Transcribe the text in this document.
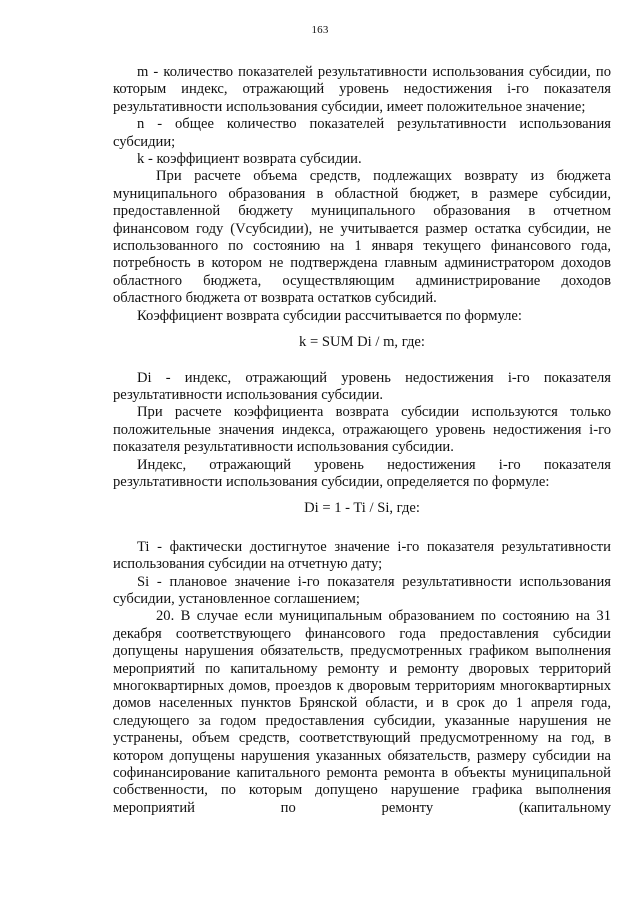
163

m - количество показателей результативности использования субсидии, по которым индекс, отражающий уровень недостижения i-го показателя результативности использования субсидии, имеет положительное значение;

n - общее количество показателей результативности использования субсидии;

k - коэффициент возврата субсидии.

При расчете объема средств, подлежащих возврату из бюджета муниципального образования в областной бюджет, в размере субсидии, предоставленной бюджету муниципального образования в отчетном финансовом году (Vсубсидии), не учитывается размер остатка субсидии, не использованного по состоянию на 1 января текущего финансового года, потребность в котором не подтверждена главным администратором доходов областного бюджета, осуществляющим администрирование доходов областного бюджета от возврата остатков субсидий.

Коэффициент возврата субсидии рассчитывается по формуле:

k = SUM Di / m, где:

Di - индекс, отражающий уровень недостижения i-го показателя результативности использования субсидии.

При расчете коэффициента возврата субсидии используются только положительные значения индекса, отражающего уровень недостижения i-го показателя результативности использования субсидии.

Индекс, отражающий уровень недостижения i-го показателя результативности использования субсидии, определяется по формуле:

Di = 1 - Ti / Si, где:

Ti - фактически достигнутое значение i-го показателя результативности использования субсидии на отчетную дату;

Si - плановое значение i-го показателя результативности использования субсидии, установленное соглашением;

20. В случае если муниципальным образованием по состоянию на 31 декабря соответствующего финансового года предоставления субсидии допущены нарушения обязательств, предусмотренных графиком выполнения мероприятий по капитальному ремонту и ремонту дворовых территорий многоквартирных домов, проездов к дворовым территориям многоквартирных домов населенных пунктов Брянской области, и в срок до 1 апреля года, следующего за годом предоставления субсидии, указанные нарушения не устранены, объем средств, соответствующий предусмотренному на год, в котором допущены нарушения указанных обязательств, размеру субсидии на софинансирование капитального ремонта ремонта в объекты муниципальной собственности, по которым допущено нарушение графика выполнения мероприятий по ремонту (капитальному
